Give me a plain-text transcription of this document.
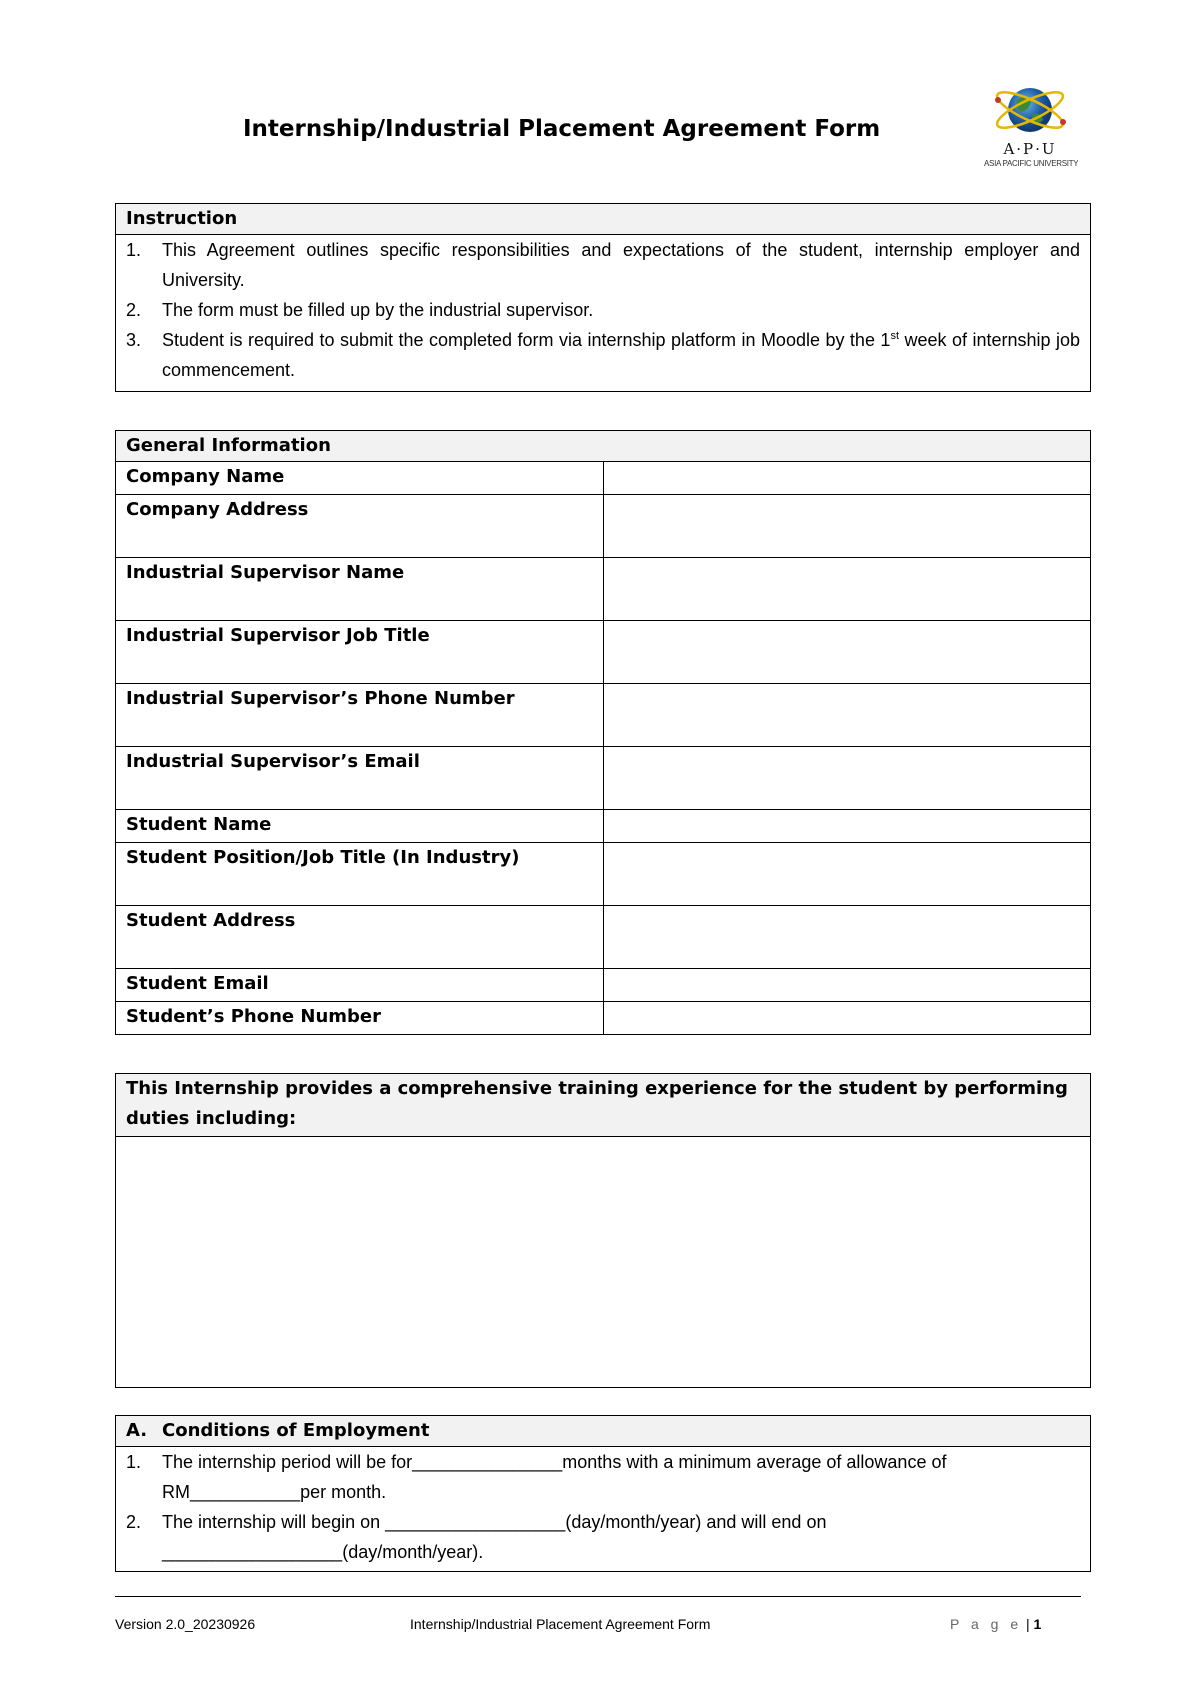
Internship/Industrial Placement Agreement Form
A·P·U
ASIA PACIFIC UNIVERSITY
Instruction

1.	This Agreement outlines specific responsibilities and expectations of the student, internship employer and University.
2.	The form must be filled up by the industrial supervisor.
3.	Student is required to submit the completed form via internship platform in Moodle by the 1st week of internship job commencement.
General Information	
Company Name	
Company Address	
Industrial Supervisor Name	
Industrial Supervisor Job Title	
Industrial Supervisor’s Phone Number	
Industrial Supervisor’s Email	
Student Name	
Student Position/Job Title (In Industry)	
Student Address	
Student Email	
Student’s Phone Number	
This Internship provides a comprehensive training experience for the student by performing duties including:

A. Conditions of Employment

1.	The internship period will be for_______________months with a minimum average of allowance of RM___________per month.
2.	The internship will begin on __________________(day/month/year) and will end on __________________(day/month/year).
Version 2.0_20230926	Internship/Industrial Placement Agreement Form	P a g e | 1
